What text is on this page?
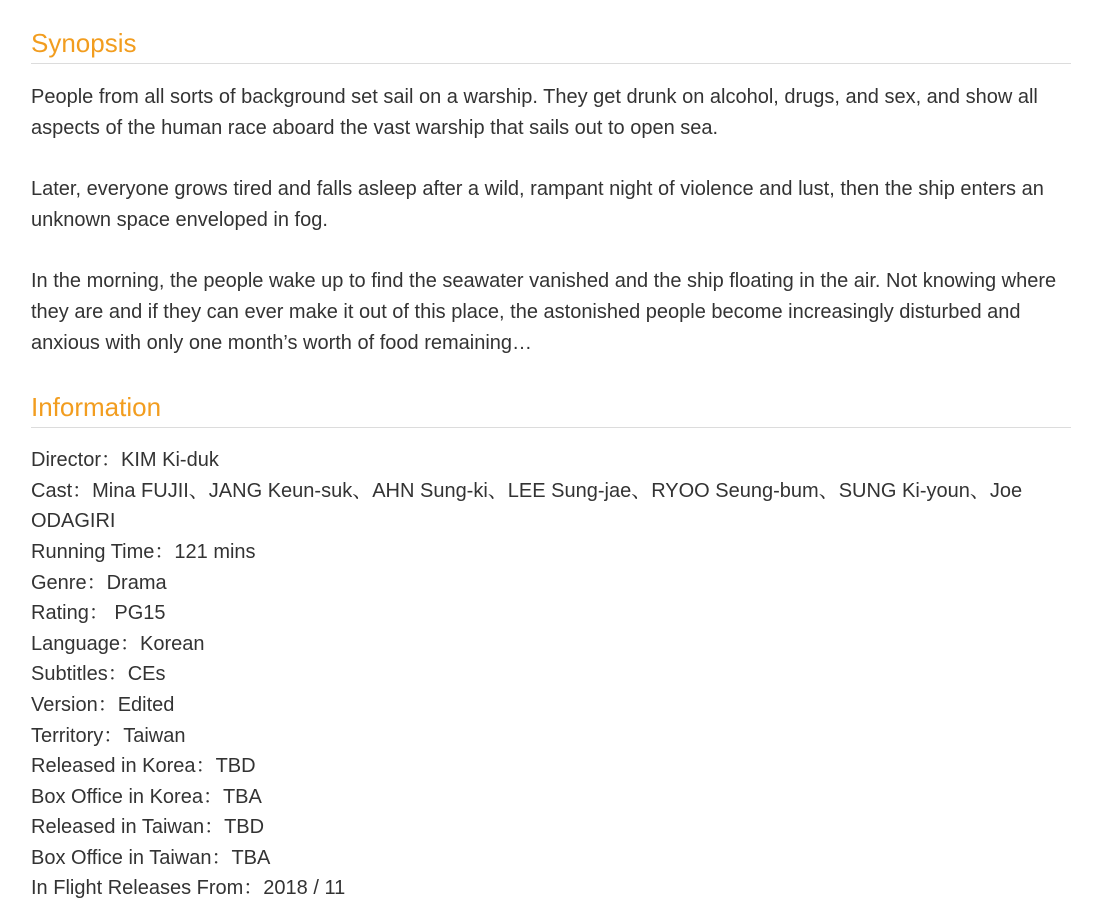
Synopsis

People from all sorts of background set sail on a warship. They get drunk on alcohol, drugs, and sex, and show all aspects of the human race aboard the vast warship that sails out to open sea.

Later, everyone grows tired and falls asleep after a wild, rampant night of violence and lust, then the ship enters an unknown space enveloped in fog.

In the morning, the people wake up to find the seawater vanished and the ship floating in the air. Not knowing where they are and if they can ever make it out of this place, the astonished people become increasingly disturbed and anxious with only one month’s worth of food remaining…

Information
Director：KIM Ki-duk
Cast：Mina FUJII、JANG Keun-suk、AHN Sung-ki、LEE Sung-jae、RYOO Seung-bum、SUNG Ki-youn、Joe ODAGIRI
Running Time：121 mins
Genre：Drama
Rating： PG15
Language：Korean
Subtitles：CEs
Version：Edited
Territory：Taiwan
Released in Korea：TBD
Box Office in Korea：TBA
Released in Taiwan：TBD
Box Office in Taiwan：TBA
In Flight Releases From：2018 / 11
